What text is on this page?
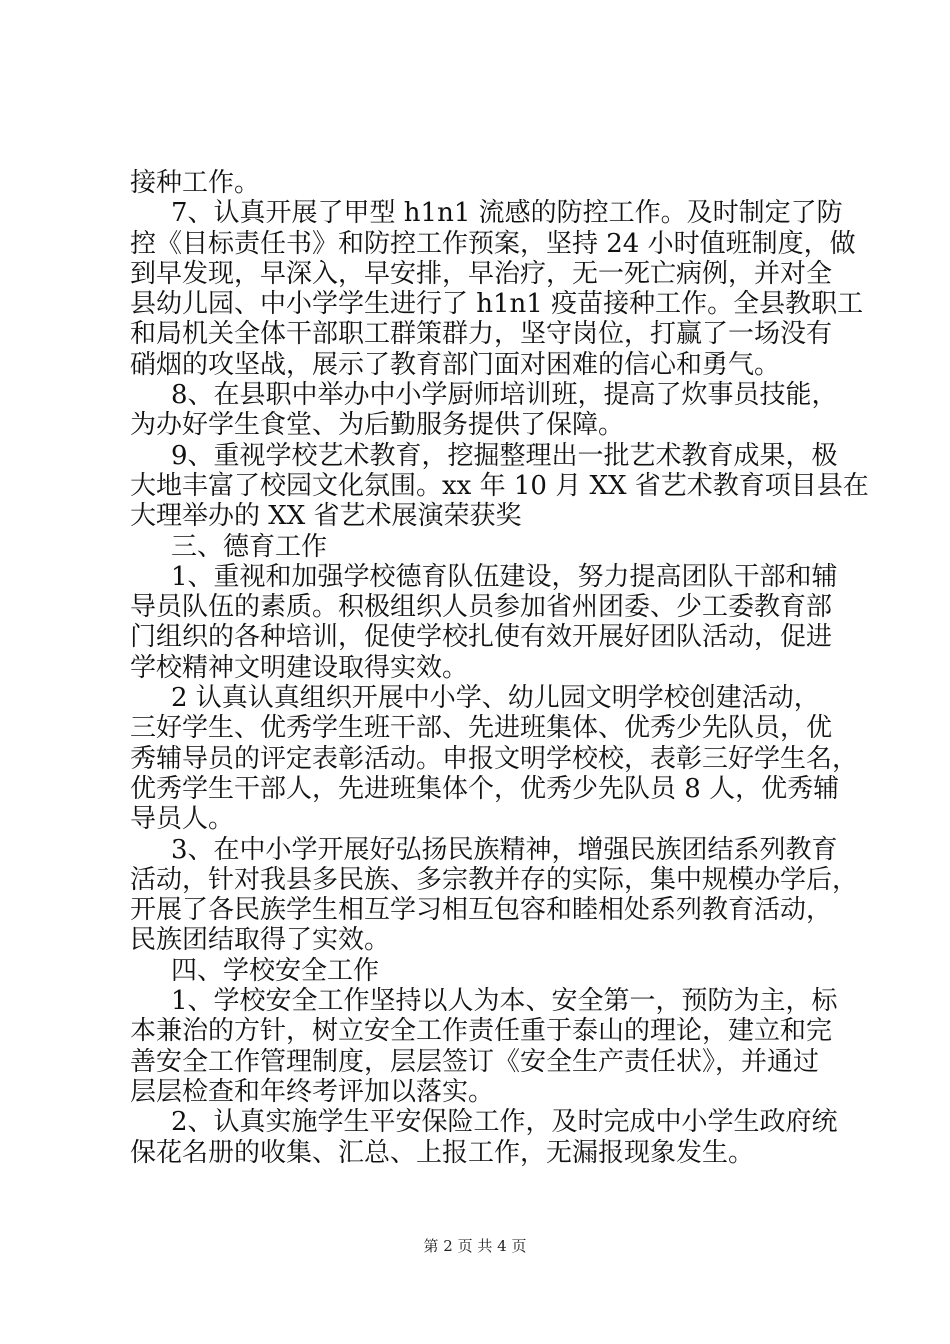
接种工作。
7、认真开展了甲型 h1n1 流感的防控工作。及时制定了防
控《目标责任书》和防控工作预案，坚持 24 小时值班制度，做
到早发现，早深入，早安排，早治疗，无一死亡病例，并对全
县幼儿园、中小学学生进行了 h1n1 疫苗接种工作。全县教职工
和局机关全体干部职工群策群力，坚守岗位，打赢了一场没有
硝烟的攻坚战，展示了教育部门面对困难的信心和勇气。
8、在县职中举办中小学厨师培训班，提高了炊事员技能，
为办好学生食堂、为后勤服务提供了保障。
9、重视学校艺术教育，挖掘整理出一批艺术教育成果，极
大地丰富了校园文化氛围。xx 年 10 月 XX 省艺术教育项目县在
大理举办的 XX 省艺术展演荣获奖
三、德育工作
1、重视和加强学校德育队伍建设，努力提高团队干部和辅
导员队伍的素质。积极组织人员参加省州团委、少工委教育部
门组织的各种培训，促使学校扎使有效开展好团队活动，促进
学校精神文明建设取得实效。
2 认真认真组织开展中小学、幼儿园文明学校创建活动，
三好学生、优秀学生班干部、先进班集体、优秀少先队员，优
秀辅导员的评定表彰活动。申报文明学校校，表彰三好学生名，
优秀学生干部人，先进班集体个，优秀少先队员 8 人，优秀辅
导员人。
3、在中小学开展好弘扬民族精神，增强民族团结系列教育
活动，针对我县多民族、多宗教并存的实际，集中规模办学后，
开展了各民族学生相互学习相互包容和睦相处系列教育活动，
民族团结取得了实效。
四、学校安全工作
1、学校安全工作坚持以人为本、安全第一，预防为主，标
本兼治的方针，树立安全工作责任重于泰山的理论，建立和完
善安全工作管理制度，层层签订《安全生产责任状》，并通过
层层检查和年终考评加以落实。
2、认真实施学生平安保险工作，及时完成中小学生政府统
保花名册的收集、汇总、上报工作，无漏报现象发生。
第 2 页 共 4 页
